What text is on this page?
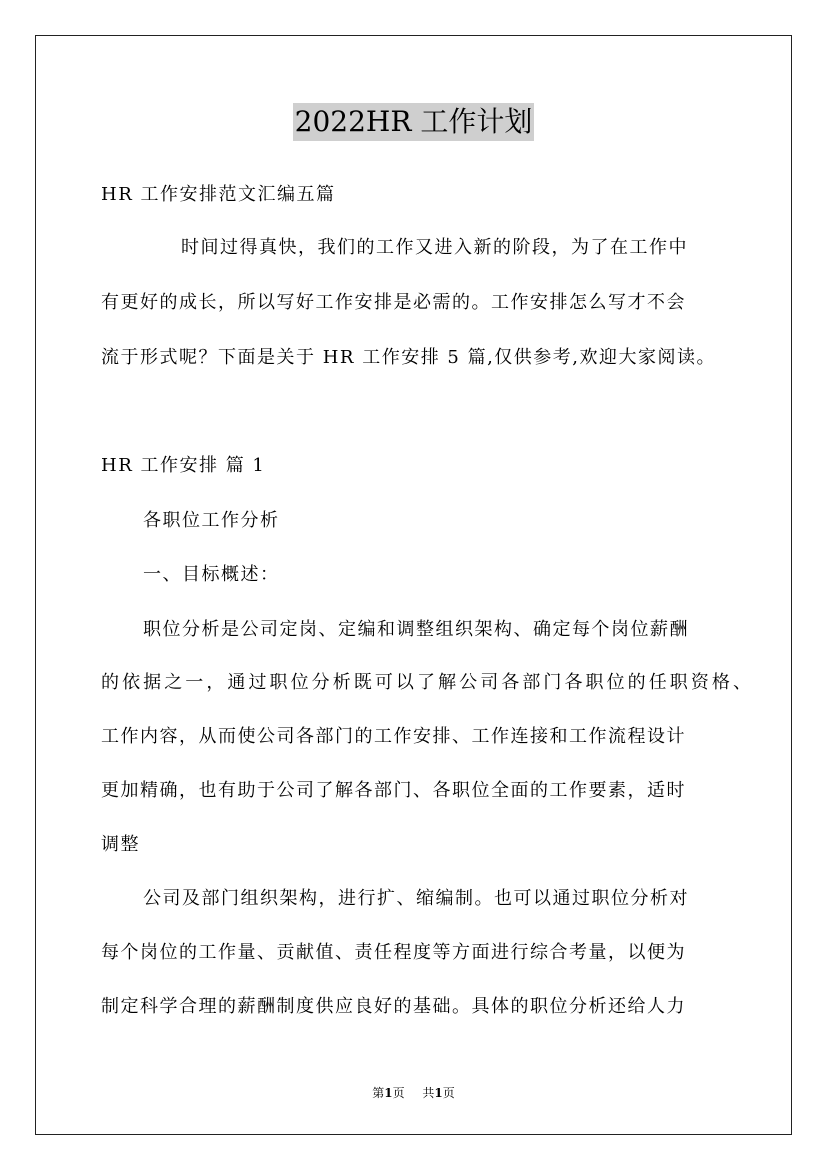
2022HR 工作计划
HR 工作安排范文汇编五篇
时间过得真快，我们的工作又进入新的阶段，为了在工作中
有更好的成长，所以写好工作安排是必需的。工作安排怎么写才不会
流于形式呢？下面是关于 HR 工作安排 5 篇,仅供参考,欢迎大家阅读。
HR 工作安排 篇 1
各职位工作分析
一、目标概述：
职位分析是公司定岗、定编和调整组织架构、确定每个岗位薪酬
的依据之一，通过职位分析既可以了解公司各部门各职位的任职资格、
工作内容，从而使公司各部门的工作安排、工作连接和工作流程设计
更加精确，也有助于公司了解各部门、各职位全面的工作要素，适时
调整
公司及部门组织架构，进行扩、缩编制。也可以通过职位分析对
每个岗位的工作量、贡献值、责任程度等方面进行综合考量，以便为
制定科学合理的薪酬制度供应良好的基础。具体的职位分析还给人力
第1页 共1页
